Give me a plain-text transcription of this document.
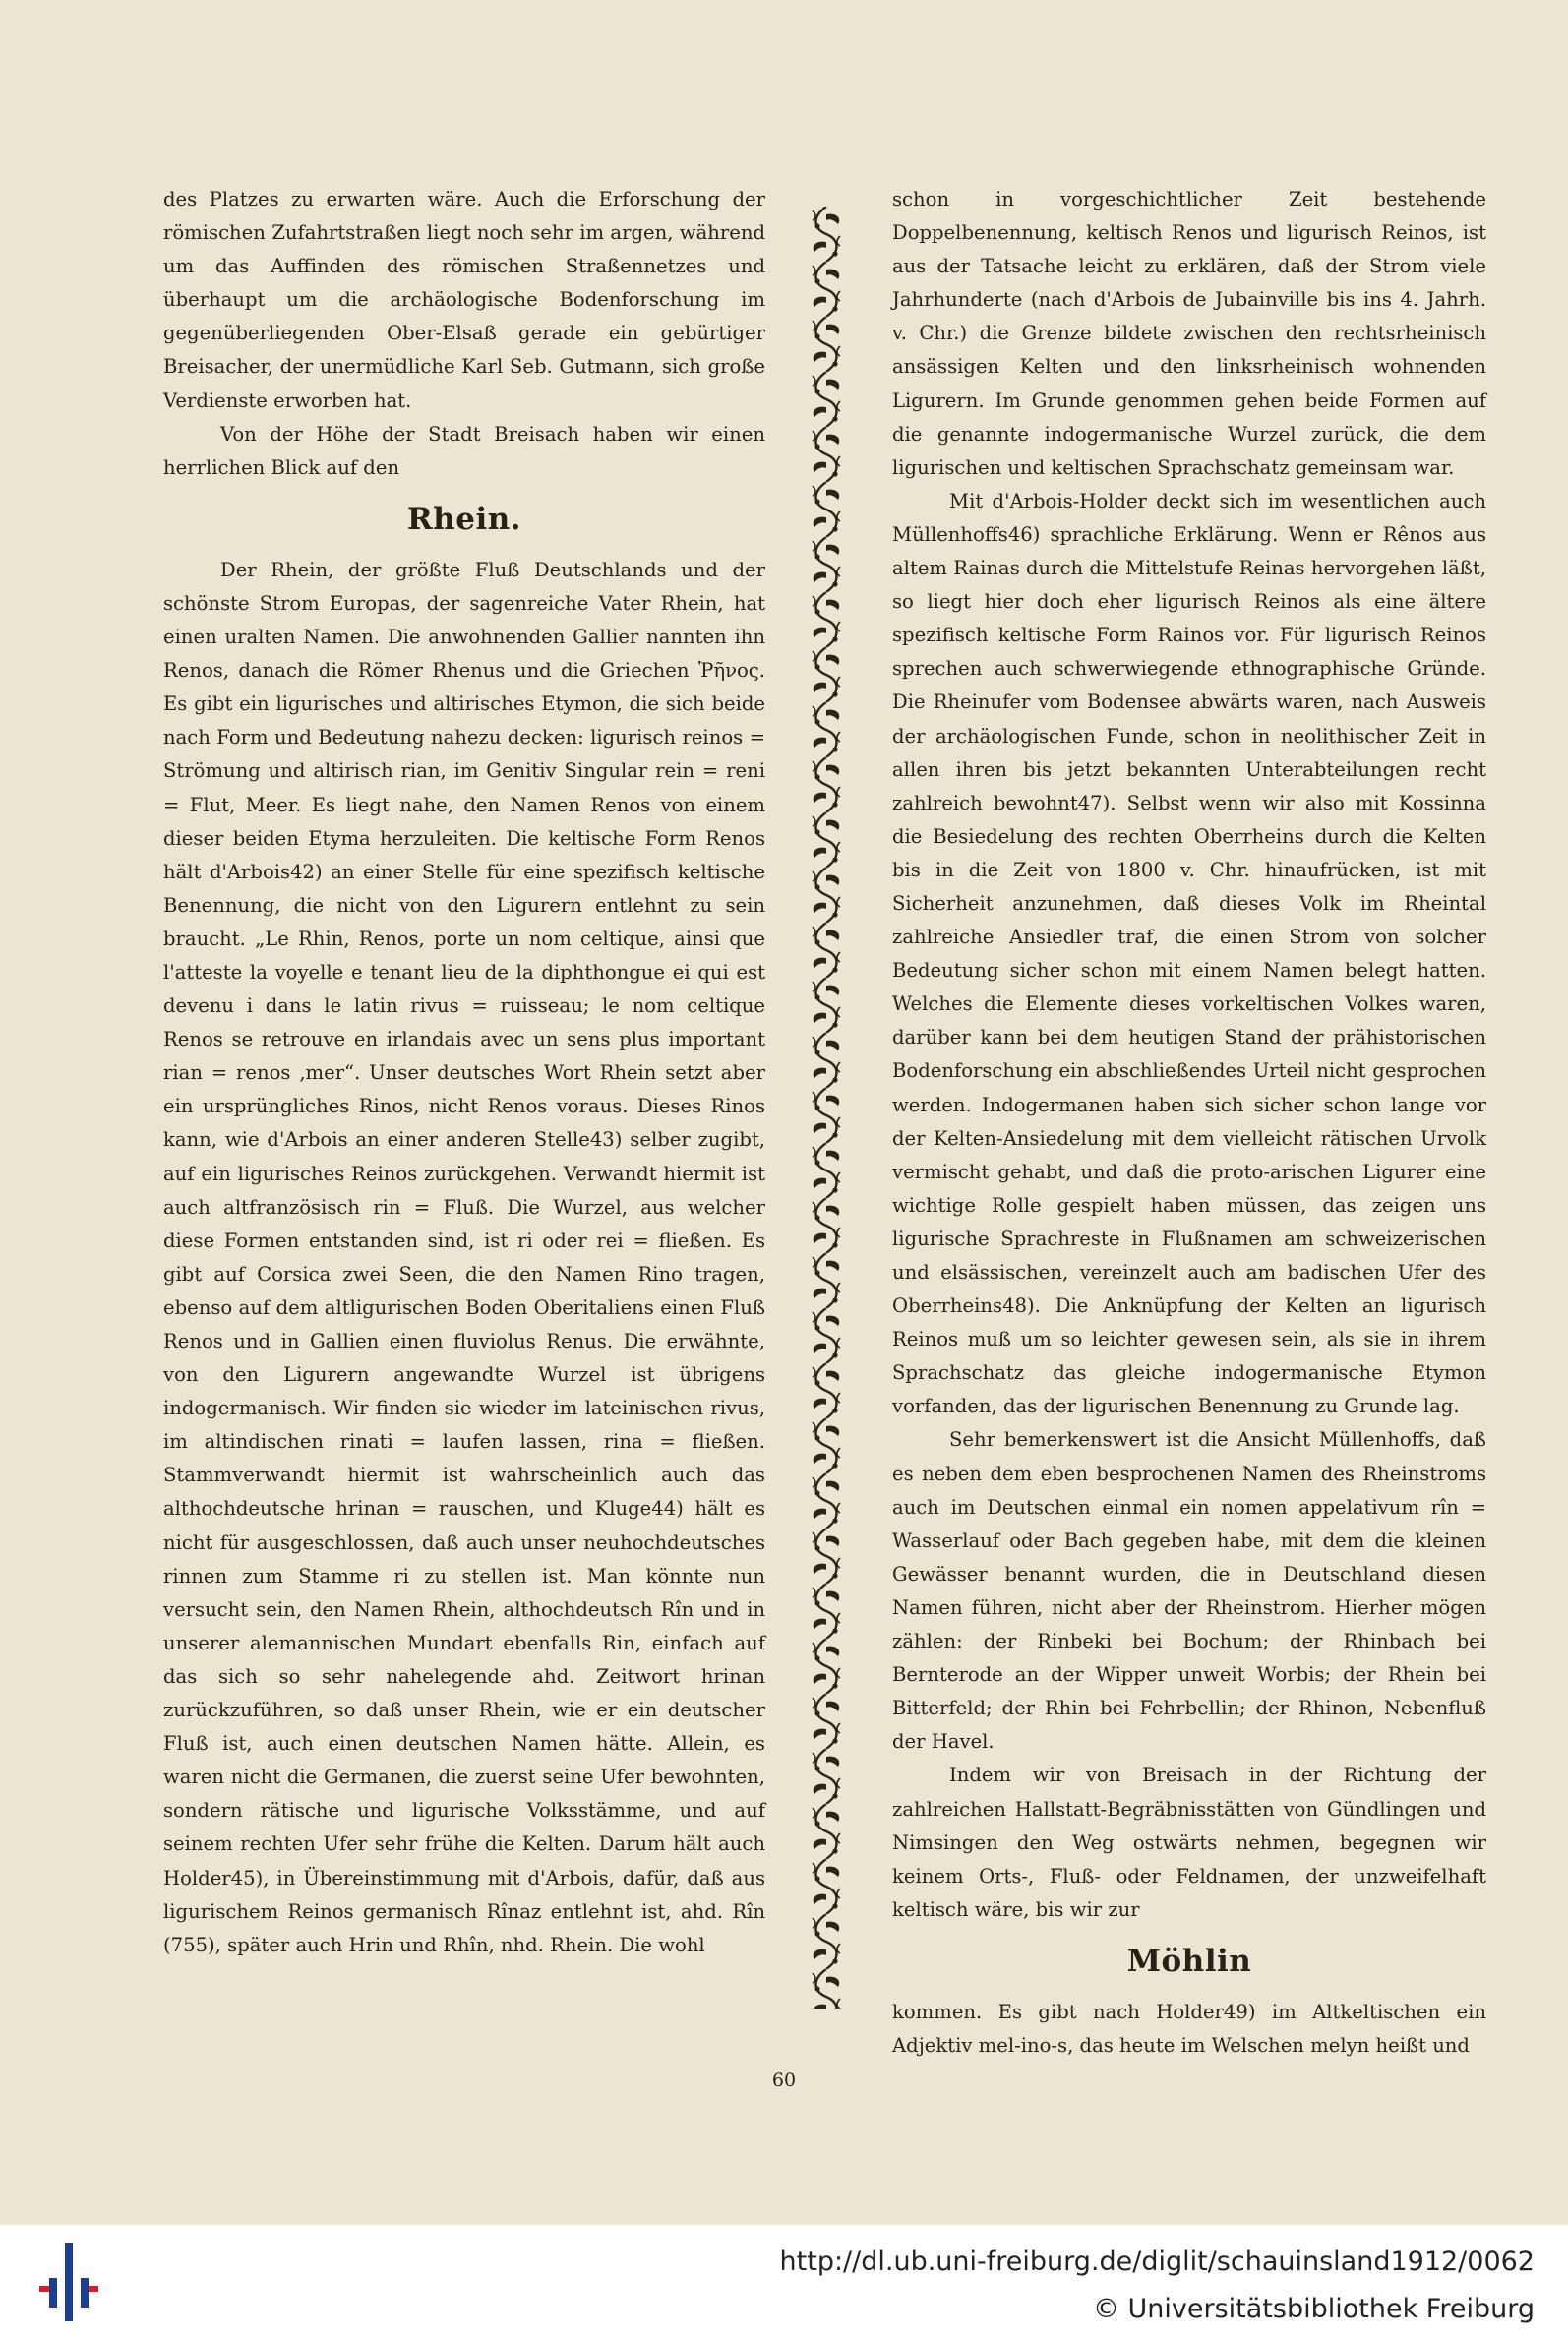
des Platzes zu erwarten wäre. Auch die Erforschung der römischen Zufahrtstraßen liegt noch sehr im argen, während um das Auffinden des römischen Straßennetzes und überhaupt um die archäologische Bodenforschung im gegenüberliegenden Ober-Elsaß gerade ein gebürtiger Breisacher, der unermüdliche Karl Seb. Gutmann, sich große Verdienste erworben hat.

Von der Höhe der Stadt Breisach haben wir einen herrlichen Blick auf den

Rhein.

Der Rhein, der größte Fluß Deutschlands und der schönste Strom Europas, der sagenreiche Vater Rhein, hat einen uralten Namen. Die anwohnenden Gallier nannten ihn Renos, danach die Römer Rhenus und die Griechen Ῥῆνος. Es gibt ein ligurisches und altirisches Etymon, die sich beide nach Form und Bedeutung nahezu decken: ligurisch reinos = Strömung und altirisch rian, im Genitiv Singular rein = reni = Flut, Meer. Es liegt nahe, den Namen Renos von einem dieser beiden Etyma herzuleiten. Die keltische Form Renos hält d'Arbois42) an einer Stelle für eine spezifisch keltische Benennung, die nicht von den Ligurern entlehnt zu sein braucht. „Le Rhin, Renos, porte un nom celtique, ainsi que l'atteste la voyelle e tenant lieu de la diphthongue ei qui est devenu i dans le latin rivus = ruisseau; le nom celtique Renos se retrouve en irlandais avec un sens plus important rian = renos ‚mer“. Unser deutsches Wort Rhein setzt aber ein ursprüngliches Rinos, nicht Renos voraus. Dieses Rinos kann, wie d'Arbois an einer anderen Stelle43) selber zugibt, auf ein ligurisches Reinos zurückgehen. Verwandt hiermit ist auch altfranzösisch rin = Fluß. Die Wurzel, aus welcher diese Formen entstanden sind, ist ri oder rei = fließen. Es gibt auf Corsica zwei Seen, die den Namen Rino tragen, ebenso auf dem altligurischen Boden Oberitaliens einen Fluß Renos und in Gallien einen fluviolus Renus. Die erwähnte, von den Ligurern angewandte Wurzel ist übrigens indogermanisch. Wir finden sie wieder im lateinischen rivus, im altindischen rinati = laufen lassen, rina = fließen. Stammverwandt hiermit ist wahrscheinlich auch das althochdeutsche hrinan = rauschen, und Kluge44) hält es nicht für ausgeschlossen, daß auch unser neuhochdeutsches rinnen zum Stamme ri zu stellen ist. Man könnte nun versucht sein, den Namen Rhein, althochdeutsch Rîn und in unserer alemannischen Mundart ebenfalls Rin, einfach auf das sich so sehr nahelegende ahd. Zeitwort hrinan zurückzuführen, so daß unser Rhein, wie er ein deutscher Fluß ist, auch einen deutschen Namen hätte. Allein, es waren nicht die Germanen, die zuerst seine Ufer bewohnten, sondern rätische und ligurische Volksstämme, und auf seinem rechten Ufer sehr frühe die Kelten. Darum hält auch Holder45), in Übereinstimmung mit d'Arbois, dafür, daß aus ligurischem Reinos germanisch Rînaz entlehnt ist, ahd. Rîn (755), später auch Hrin und Rhîn, nhd. Rhein. Die wohl

schon in vorgeschichtlicher Zeit bestehende Doppelbenennung, keltisch Renos und ligurisch Reinos, ist aus der Tatsache leicht zu erklären, daß der Strom viele Jahrhunderte (nach d'Arbois de Jubainville bis ins 4. Jahrh. v. Chr.) die Grenze bildete zwischen den rechtsrheinisch ansässigen Kelten und den linksrheinisch wohnenden Ligurern. Im Grunde genommen gehen beide Formen auf die genannte indogermanische Wurzel zurück, die dem ligurischen und keltischen Sprachschatz gemeinsam war.

Mit d'Arbois-Holder deckt sich im wesentlichen auch Müllenhoffs46) sprachliche Erklärung. Wenn er Rênos aus altem Rainas durch die Mittelstufe Reinas hervorgehen läßt, so liegt hier doch eher ligurisch Reinos als eine ältere spezifisch keltische Form Rainos vor. Für ligurisch Reinos sprechen auch schwerwiegende ethnographische Gründe. Die Rheinufer vom Bodensee abwärts waren, nach Ausweis der archäologischen Funde, schon in neolithischer Zeit in allen ihren bis jetzt bekannten Unterabteilungen recht zahlreich bewohnt47). Selbst wenn wir also mit Kossinna die Besiedelung des rechten Oberrheins durch die Kelten bis in die Zeit von 1800 v. Chr. hinaufrücken, ist mit Sicherheit anzunehmen, daß dieses Volk im Rheintal zahlreiche Ansiedler traf, die einen Strom von solcher Bedeutung sicher schon mit einem Namen belegt hatten. Welches die Elemente dieses vorkeltischen Volkes waren, darüber kann bei dem heutigen Stand der prähistorischen Bodenforschung ein abschließendes Urteil nicht gesprochen werden. Indogermanen haben sich sicher schon lange vor der Kelten-Ansiedelung mit dem vielleicht rätischen Urvolk vermischt gehabt, und daß die proto-arischen Ligurer eine wichtige Rolle gespielt haben müssen, das zeigen uns ligurische Sprachreste in Flußnamen am schweizerischen und elsässischen, vereinzelt auch am badischen Ufer des Oberrheins48). Die Anknüpfung der Kelten an ligurisch Reinos muß um so leichter gewesen sein, als sie in ihrem Sprachschatz das gleiche indogermanische Etymon vorfanden, das der ligurischen Benennung zu Grunde lag.

Sehr bemerkenswert ist die Ansicht Müllenhoffs, daß es neben dem eben besprochenen Namen des Rheinstroms auch im Deutschen einmal ein nomen appelativum rîn = Wasserlauf oder Bach gegeben habe, mit dem die kleinen Gewässer benannt wurden, die in Deutschland diesen Namen führen, nicht aber der Rheinstrom. Hierher mögen zählen: der Rinbeki bei Bochum; der Rhinbach bei Bernterode an der Wipper unweit Worbis; der Rhein bei Bitterfeld; der Rhin bei Fehrbellin; der Rhinon, Nebenfluß der Havel.

Indem wir von Breisach in der Richtung der zahlreichen Hallstatt-Begräbnisstätten von Gündlingen und Nimsingen den Weg ostwärts nehmen, begegnen wir keinem Orts-, Fluß- oder Feldnamen, der unzweifelhaft keltisch wäre, bis wir zur

Möhlin

kommen. Es gibt nach Holder49) im Altkeltischen ein Adjektiv mel-ino-s, das heute im Welschen melyn heißt und

60
http://dl.ub.uni-freiburg.de/diglit/schauinsland1912/0062
© Universitätsbibliothek Freiburg
